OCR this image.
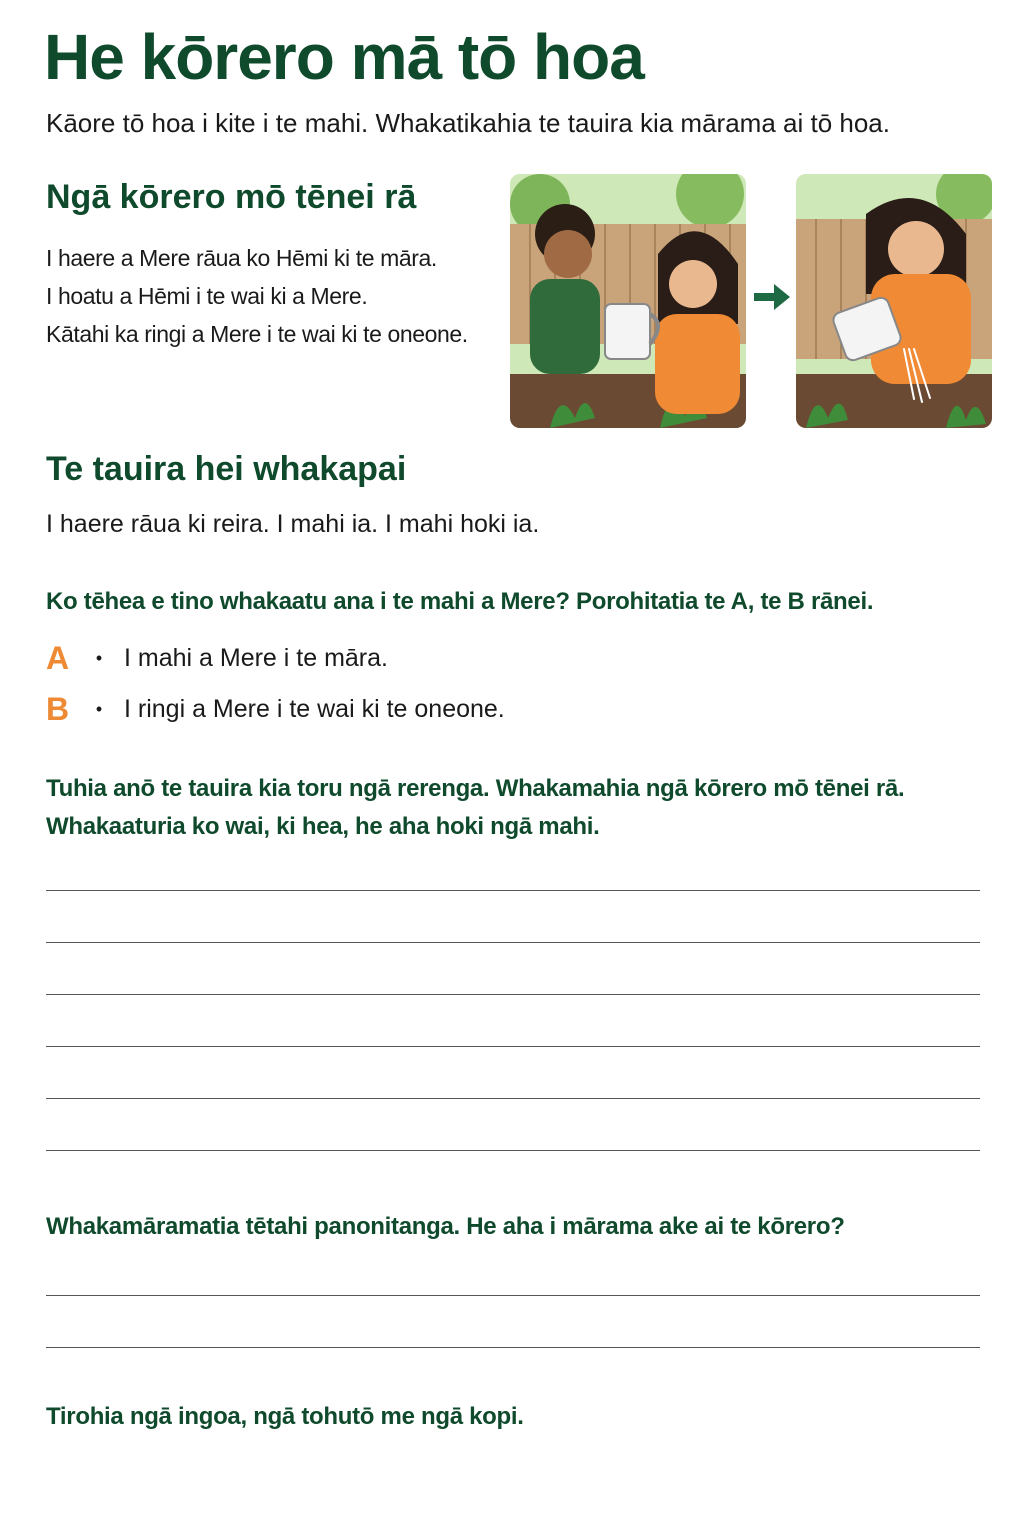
He kōrero mā tō hoa

Kāore tō hoa i kite i te mahi. Whakatikahia te tauira kia mārama ai tō hoa.

Ngā kōrero mō tēnei rā

I haere a Mere rāua ko Hēmi ki te māra.

I hoatu a Hēmi i te wai ki a Mere.

Kātahi ka ringi a Mere i te wai ki te oneone.

Te tauira hei whakapai

I haere rāua ki reira. I mahi ia. I mahi hoki ia.

Ko tēhea e tino whakaatu ana i te mahi a Mere? Porohitatia te A, te B rānei.

A	• I mahi a Mere i te māra.
B	• I ringi a Mere i te wai ki te oneone.

Tuhia anō te tauira kia toru ngā rerenga. Whakamahia ngā kōrero mō tēnei rā.

Whakaaturia ko wai, ki hea, he aha hoki ngā mahi.

Whakamāramatia tētahi panonitanga. He aha i mārama ake ai te kōrero?

Tirohia ngā ingoa, ngā tohutō me ngā kopi.
